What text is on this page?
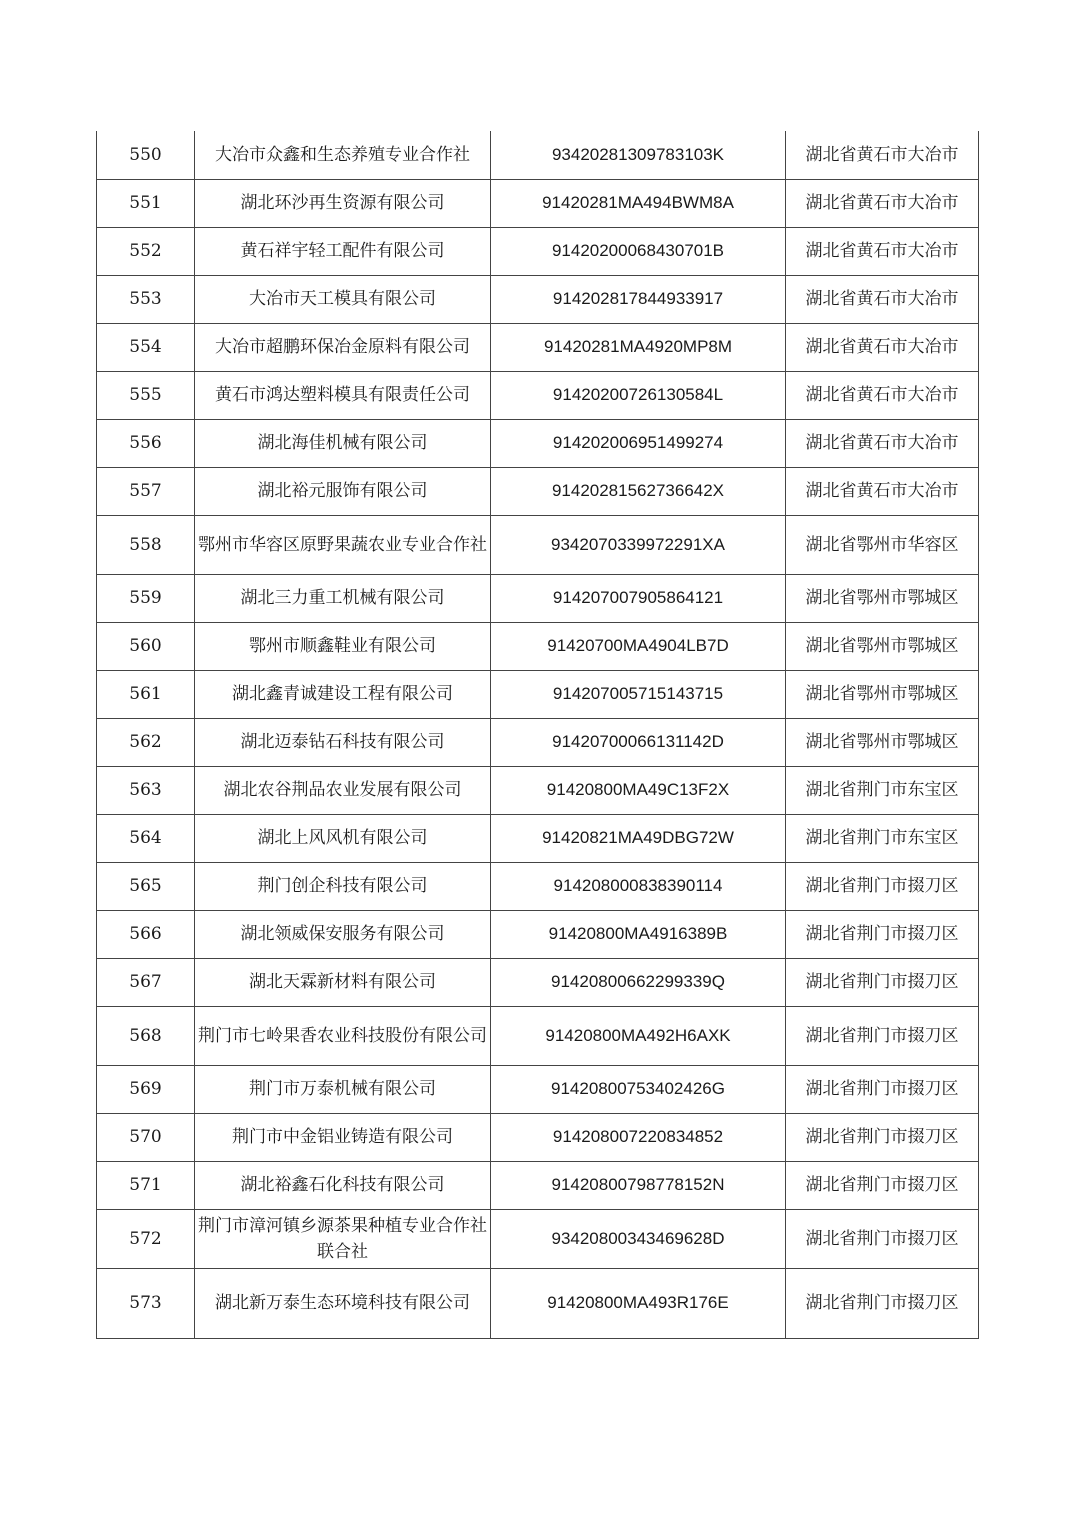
550	大冶市众鑫和生态养殖专业合作社	93420281309783103K	湖北省黄石市大冶市
551	湖北环沙再生资源有限公司	91420281MA494BWM8A	湖北省黄石市大冶市
552	黄石祥宇轻工配件有限公司	91420200068430701B	湖北省黄石市大冶市
553	大冶市天工模具有限公司	914202817844933917	湖北省黄石市大冶市
554	大冶市超鹏环保冶金原料有限公司	91420281MA4920MP8M	湖北省黄石市大冶市
555	黄石市鸿达塑料模具有限责任公司	91420200726130584L	湖北省黄石市大冶市
556	湖北海佳机械有限公司	914202006951499274	湖北省黄石市大冶市
557	湖北裕元服饰有限公司	91420281562736642X	湖北省黄石市大冶市
558	鄂州市华容区原野果蔬农业专业合作社	9342070339972291XA	湖北省鄂州市华容区
559	湖北三力重工机械有限公司	914207007905864121	湖北省鄂州市鄂城区
560	鄂州市顺鑫鞋业有限公司	91420700MA4904LB7D	湖北省鄂州市鄂城区
561	湖北鑫青诚建设工程有限公司	914207005715143715	湖北省鄂州市鄂城区
562	湖北迈泰钻石科技有限公司	91420700066131142D	湖北省鄂州市鄂城区
563	湖北农谷荆品农业发展有限公司	91420800MA49C13F2X	湖北省荆门市东宝区
564	湖北上风风机有限公司	91420821MA49DBG72W	湖北省荆门市东宝区
565	荆门创企科技有限公司	914208000838390114	湖北省荆门市掇刀区
566	湖北领威保安服务有限公司	91420800MA4916389B	湖北省荆门市掇刀区
567	湖北天霖新材料有限公司	91420800662299339Q	湖北省荆门市掇刀区
568	荆门市七岭果香农业科技股份有限公司	91420800MA492H6AXK	湖北省荆门市掇刀区
569	荆门市万泰机械有限公司	91420800753402426G	湖北省荆门市掇刀区
570	荆门市中金铝业铸造有限公司	914208007220834852	湖北省荆门市掇刀区
571	湖北裕鑫石化科技有限公司	91420800798778152N	湖北省荆门市掇刀区
572	荆门市漳河镇乡源茶果种植专业合作社联合社	93420800343469628D	湖北省荆门市掇刀区
573	湖北新万泰生态环境科技有限公司	91420800MA493R176E	湖北省荆门市掇刀区
